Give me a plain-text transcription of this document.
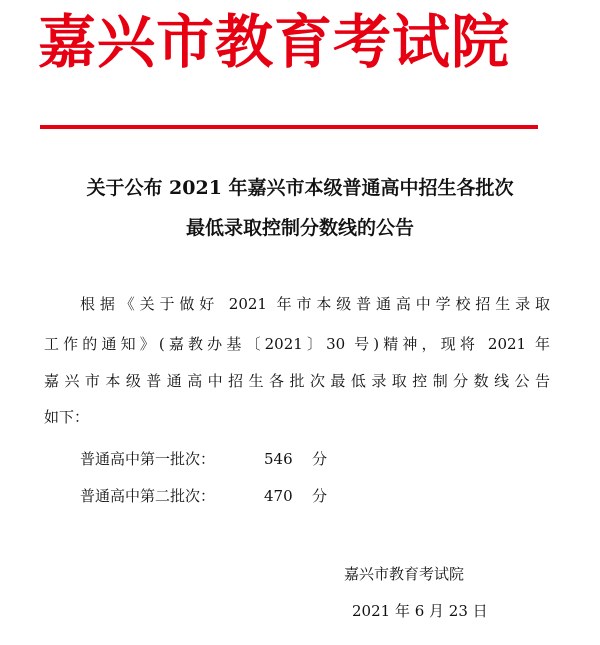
嘉兴市教育考试院
关于公布 2021 年嘉兴市本级普通高中招生各批次
最低录取控制分数线的公告
根据《关于做好 2021 年市本级普通高中学校招生录取
工作的通知》(嘉教办基〔2021〕30 号)精神，现将 2021 年
嘉兴市本级普通高中招生各批次最低录取控制分数线公告
如下：
普通高中第一批次：	546 分
普通高中第二批次：	470 分
嘉兴市教育考试院
2021 年 6 月 23 日
